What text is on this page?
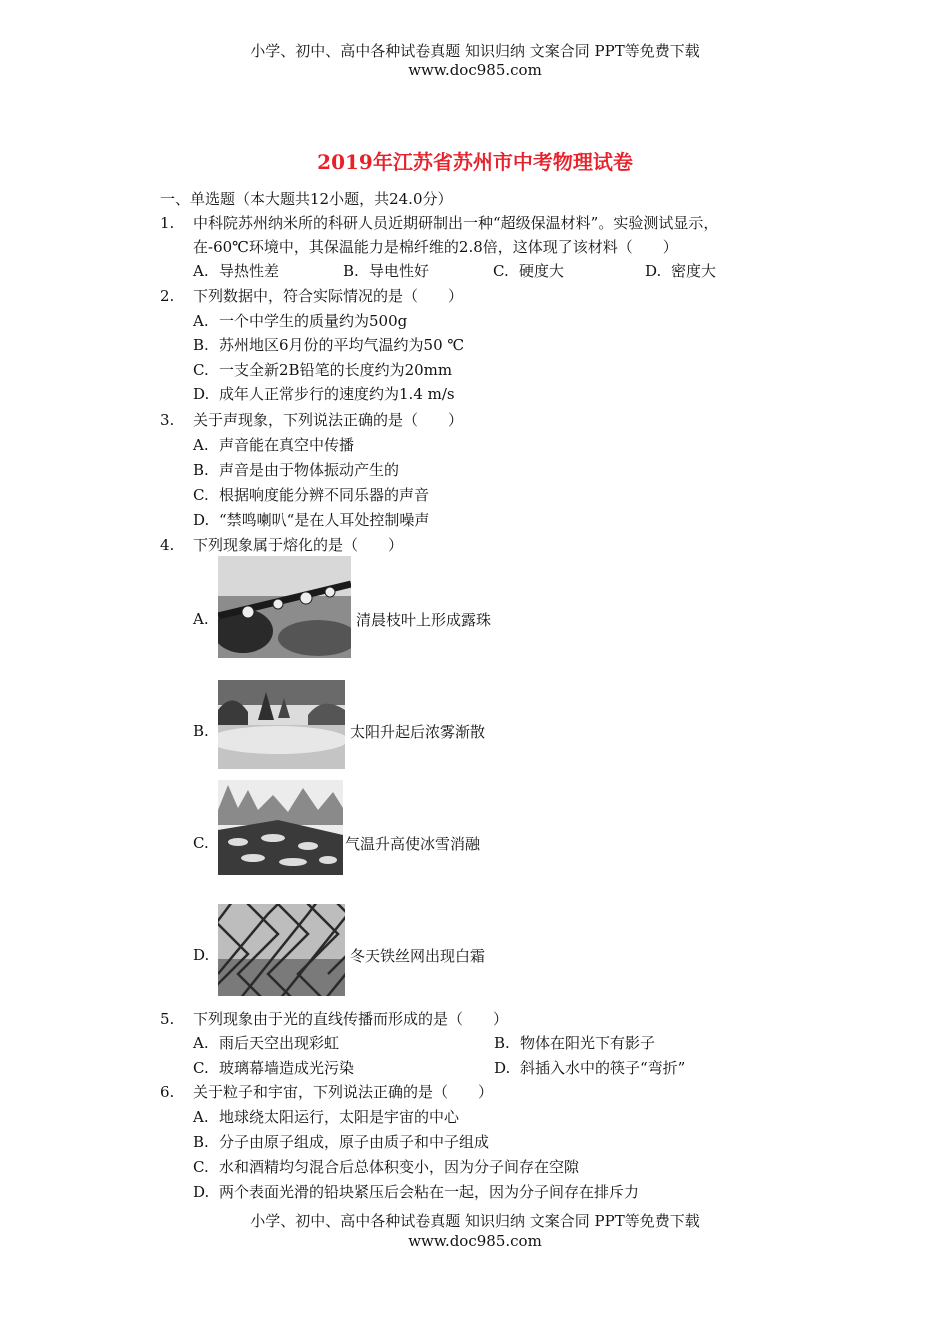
小学、初中、高中各种试卷真题 知识归纳 文案合同 PPT等免费下载
www.doc985.com
2019年江苏省苏州市中考物理试卷
一、单选题（本大题共12小题，共24.0分）
1. 中科院苏州纳米所的科研人员近期研制出一种“超级保温材料”。实验测试显示，
在-60℃环境中，其保温能力是棉纤维的2.8倍，这体现了该材料（　　）
A. 导热性差	B. 导电性好	C. 硬度大	D. 密度大
2. 下列数据中，符合实际情况的是（　　）
A. 一个中学生的质量约为500g
B. 苏州地区6月份的平均气温约为50 ℃
C. 一支全新2B铅笔的长度约为20mm
D. 成年人正常步行的速度约为1.4 m/s
3. 关于声现象，下列说法正确的是（　　）
A. 声音能在真空中传播
B. 声音是由于物体振动产生的
C. 根据响度能分辨不同乐器的声音
D. “禁鸣喇叭“是在人耳处控制噪声
4. 下列现象属于熔化的是（　　）
A.	清晨枝叶上形成露珠
B.	太阳升起后浓雾渐散
C.	气温升高使冰雪消融
D.	冬天铁丝网出现白霜
5. 下列现象由于光的直线传播而形成的是（　　）
A. 雨后天空出现彩虹	B. 物体在阳光下有影子
C. 玻璃幕墙造成光污染	D. 斜插入水中的筷子“弯折”
6. 关于粒子和宇宙，下列说法正确的是（　　）
A. 地球绕太阳运行，太阳是宇宙的中心
B. 分子由原子组成，原子由质子和中子组成
C. 水和酒精均匀混合后总体积变小，因为分子间存在空隙
D. 两个表面光滑的铅块紧压后会粘在一起，因为分子间存在排斥力
小学、初中、高中各种试卷真题 知识归纳 文案合同 PPT等免费下载
www.doc985.com
